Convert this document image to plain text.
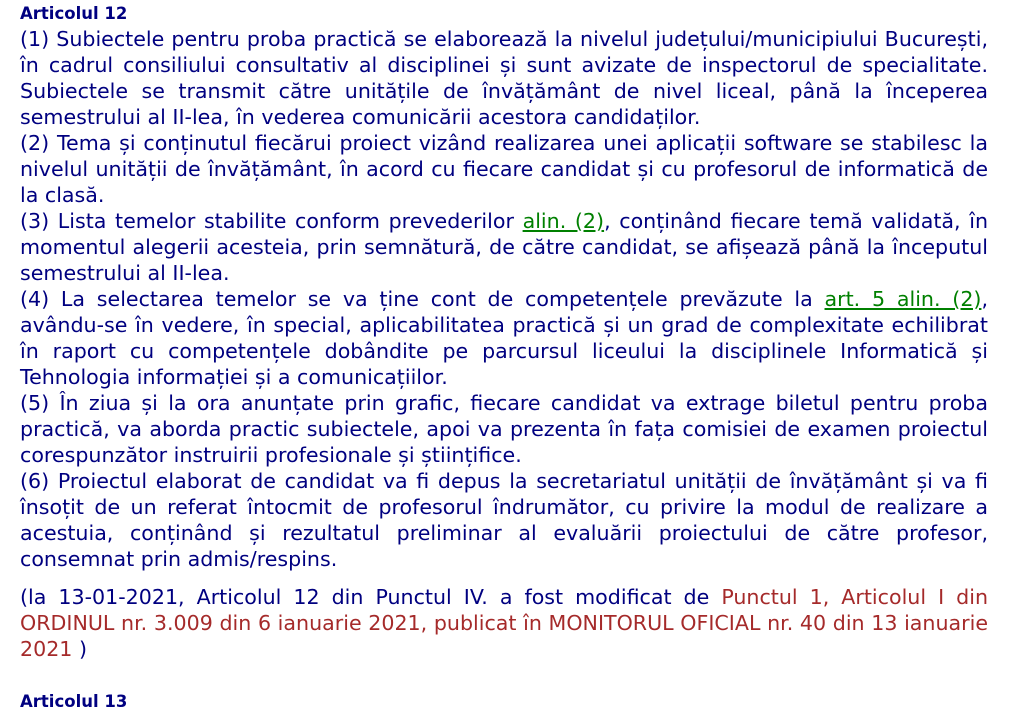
Articolul 12

(1) Subiectele pentru proba practică se elaborează la nivelul județului/municipiului București, în cadrul consiliului consultativ al disciplinei și sunt avizate de inspectorul de specialitate. Subiectele se transmit către unitățile de învățământ de nivel liceal, până la începerea semestrului al II-lea, în vederea comunicării acestora candidaților.

(2) Tema și conținutul fiecărui proiect vizând realizarea unei aplicații software se stabilesc la nivelul unității de învățământ, în acord cu fiecare candidat și cu profesorul de informatică de la clasă.

(3) Lista temelor stabilite conform prevederilor alin. (2), conținând fiecare temă validată, în momentul alegerii acesteia, prin semnătură, de către candidat, se afișează până la începutul semestrului al II-lea.

(4) La selectarea temelor se va ține cont de competențele prevăzute la art. 5 alin. (2), avându-se în vedere, în special, aplicabilitatea practică și un grad de complexitate echilibrat în raport cu competențele dobândite pe parcursul liceului la disciplinele Informatică și Tehnologia informației și a comunicațiilor.

(5) În ziua și la ora anunțate prin grafic, fiecare candidat va extrage biletul pentru proba practică, va aborda practic subiectele, apoi va prezenta în fața comisiei de examen proiectul corespunzător instruirii profesionale și științifice.

(6) Proiectul elaborat de candidat va fi depus la secretariatul unității de învățământ și va fi însoțit de un referat întocmit de profesorul îndrumător, cu privire la modul de realizare a acestuia, conținând și rezultatul preliminar al evaluării proiectului de către profesor, consemnat prin admis/respins.

(la 13-01-2021, Articolul 12 din Punctul IV. a fost modificat de Punctul 1, Articolul I din ORDINUL nr. 3.009 din 6 ianuarie 2021, publicat în MONITORUL OFICIAL nr. 40 din 13 ianuarie 2021 )
Articolul 13
